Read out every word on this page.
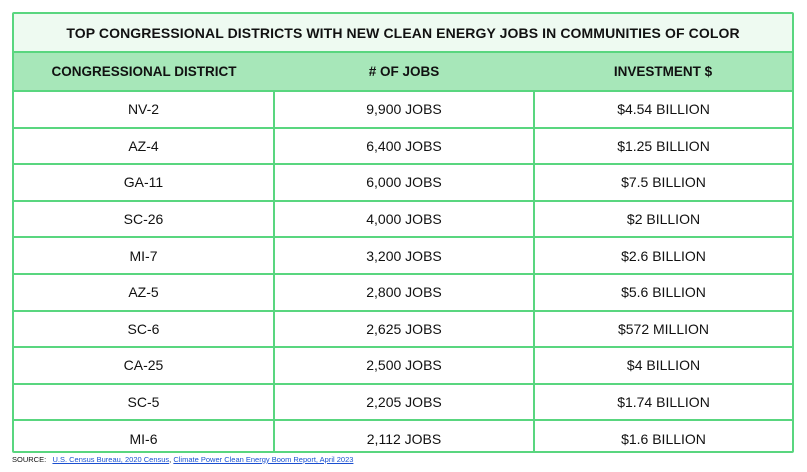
TOP CONGRESSIONAL DISTRICTS WITH NEW CLEAN ENERGY JOBS IN COMMUNITIES OF COLOR
CONGRESSIONAL DISTRICT	# OF JOBS	INVESTMENT $
NV-2	9,900 JOBS	$4.54 BILLION
AZ-4	6,400 JOBS	$1.25 BILLION
GA-11	6,000 JOBS	$7.5 BILLION
SC-26	4,000 JOBS	$2 BILLION
MI-7	3,200 JOBS	$2.6 BILLION
AZ-5	2,800 JOBS	$5.6 BILLION
SC-6	2,625 JOBS	$572 MILLION
CA-25	2,500 JOBS	$4 BILLION
SC-5	2,205 JOBS	$1.74 BILLION
MI-6	2,112 JOBS	$1.6 BILLION
SOURCE: U.S. Census Bureau, 2020 Census, Climate Power Clean Energy Boom Report, April 2023
